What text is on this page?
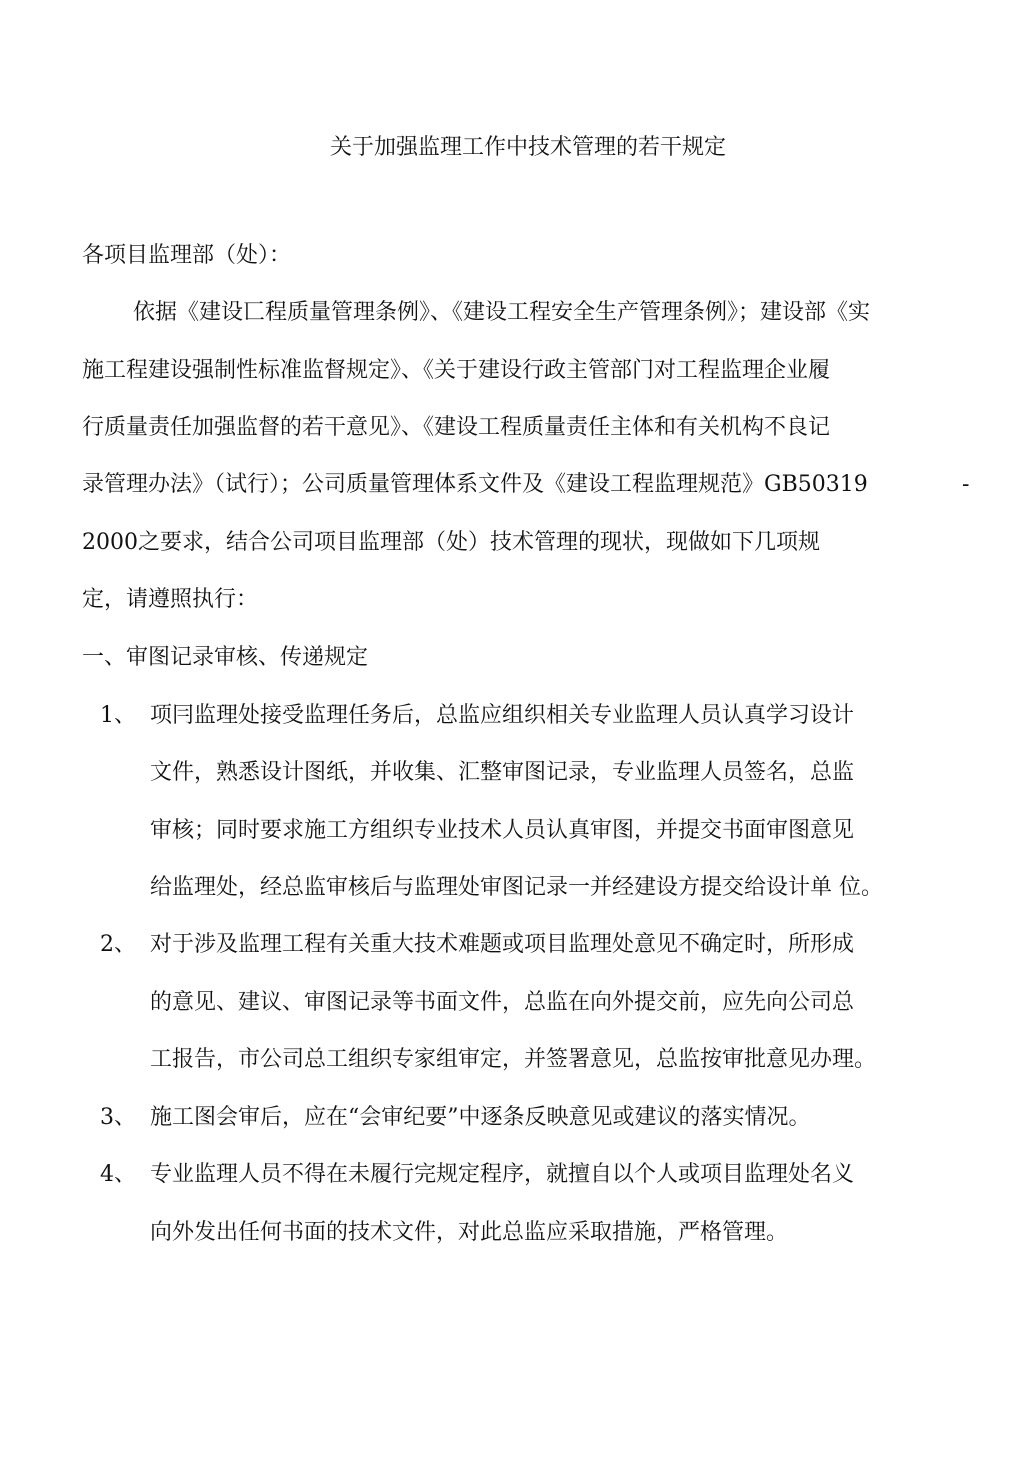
关于加强监理工作中技术管理的若干规定
各项目监理部（处）：
依据《建设匸程质量管理条例》、《建设工程安全生产管理条例》；建设部《实
施工程建设强制性标准监督规定》、《关于建设行政主管部门对工程监理企业履
行质量责任加强监督的若干意见》、《建设工程质量责任主体和有关机构不良记
录管理办法》（试行）；公司质量管理体系文件及《建设工程监理规范》GB50319	-
2000之要求，结合公司项目监理部（处）技术管理的现状，现做如下几项规
定，请遵照执行：
一、审图记录审核、传递规定
1、 项冃监理处接受监理任务后，总监应组织相关专业监理人员认真学习设计
文件，熟悉设计图纸，并收集、汇整审图记录，专业监理人员签名，总监
审核；同时要求施工方组织专业技术人员认真审图，并提交书面审图意见
给监理处，经总监审核后与监理处审图记录一并经建设方提交给设计单 位。
2、 对于涉及监理工程有关重大技术难题或项目监理处意见不确定时，所形成
的意见、建议、审图记录等书面文件，总监在向外提交前，应先向公司总
工报告，市公司总工组织专家组审定，并签署意见，总监按审批意见办理。
3、 施工图会审后，应在“会审纪要”中逐条反映意见或建议的落实情况。
4、 专业监理人员不得在未履行完规定程序，就擅自以个人或项目监理处名义
向外发出任何书面的技术文件，对此总监应采取措施，严格管理。
